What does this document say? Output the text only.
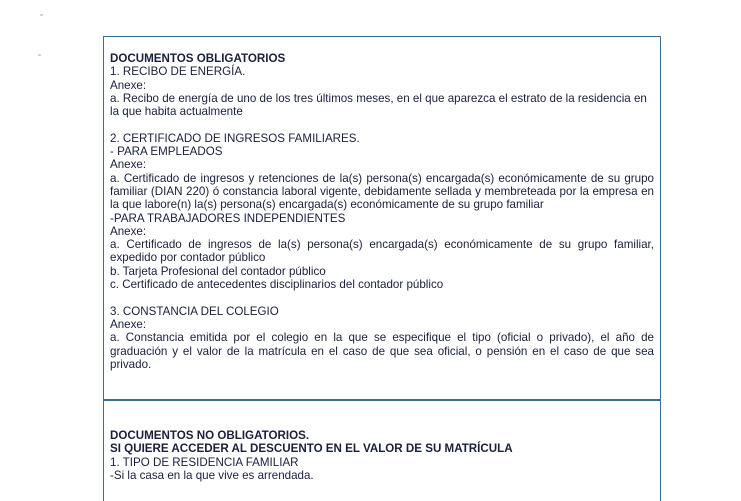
DOCUMENTOS OBLIGATORIOS
1. RECIBO DE ENERGÍA.
Anexe:
a. Recibo de energía de uno de los tres últimos meses, en el que aparezca el estrato de la residencia en la que habita actualmente
2. CERTIFICADO DE INGRESOS FAMILIARES.
- PARA EMPLEADOS
Anexe:
a. Certificado de ingresos y retenciones de la(s) persona(s) encargada(s) económicamente de su grupo familiar (DIAN 220) ó constancia laboral vigente, debidamente sellada y membreteada por la empresa en la que labore(n) la(s) persona(s) encargada(s) económicamente de su grupo familiar
-PARA TRABAJADORES INDEPENDIENTES
Anexe:
a. Certificado de ingresos de la(s) persona(s) encargada(s) económicamente de su grupo familiar, expedido por contador público
b. Tarjeta Profesional del contador público
c. Certificado de antecedentes disciplinarios del contador público
3. CONSTANCIA DEL COLEGIO
Anexe:
a. Constancia emitida por el colegio en la que se especifique el tipo (oficial o privado), el año de graduación y el valor de la matrícula en el caso de que sea oficial, o pensión en el caso de que sea privado.
DOCUMENTOS NO OBLIGATORIOS.
SI QUIERE ACCEDER AL DESCUENTO EN EL VALOR DE SU MATRÍCULA
1. TIPO DE RESIDENCIA FAMILIAR
-Si la casa en la que vive es arrendada.
